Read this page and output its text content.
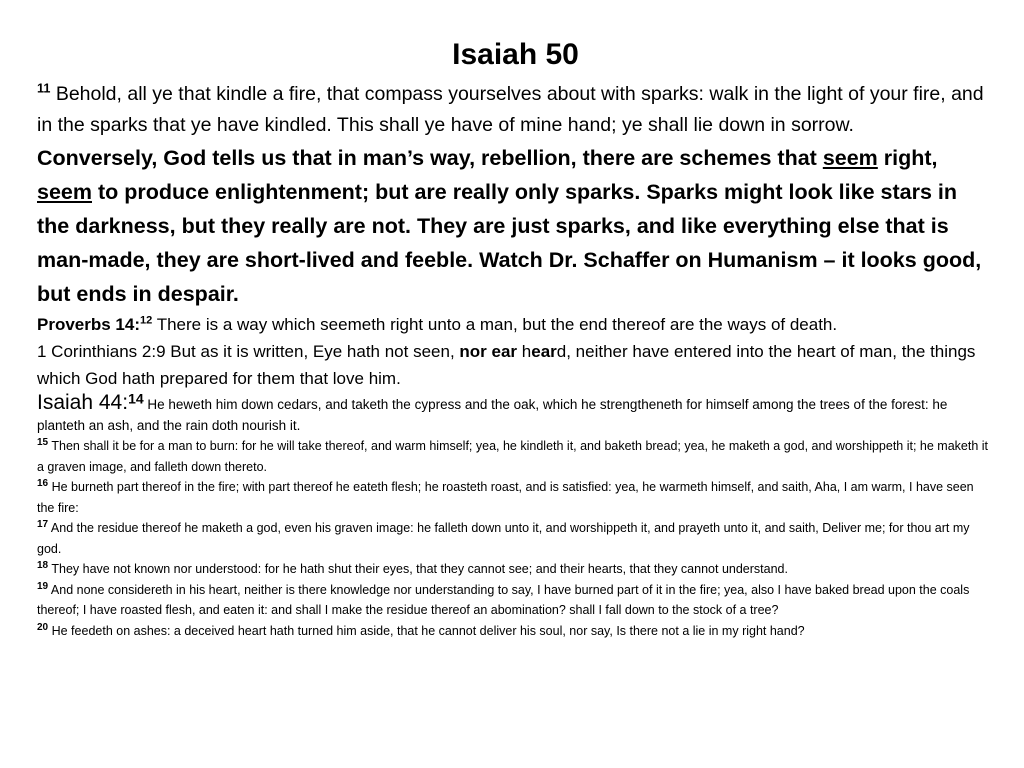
Isaiah 50

$^{11}$ Behold, all ye that kindle a fire, that compass yourselves about with sparks: walk in the light of your fire, and in the sparks that ye have kindled. This shall ye have of mine hand; ye shall lie down in sorrow.

Conversely, God tells us that in man’s way, rebellion, there are schemes that seem right, seem to produce enlightenment; but are really only sparks. Sparks might look like stars in the darkness, but they really are not. They are just sparks, and like everything else that is man-made, they are short-lived and feeble. Watch Dr. Schaffer on Humanism – it looks good, but ends in despair.

Proverbs 14:$^{12}$ There is a way which seemeth right unto a man, but the end thereof are the ways of death.

1 Corinthians 2:9 But as it is written, Eye hath not seen, nor ear heard, neither have entered into the heart of man, the things which God hath prepared for them that love him.

Isaiah 44:14 He heweth him down cedars, and taketh the cypress and the oak, which he strengtheneth for himself among the trees of the forest: he planteth an ash, and the rain doth nourish it.

$^{15}$ Then shall it be for a man to burn: for he will take thereof, and warm himself; yea, he kindleth it, and baketh bread; yea, he maketh a god, and worshippeth it; he maketh it a graven image, and falleth down thereto.

$^{16}$ He burneth part thereof in the fire; with part thereof he eateth flesh; he roasteth roast, and is satisfied: yea, he warmeth himself, and saith, Aha, I am warm, I have seen the fire:

$^{17}$ And the residue thereof he maketh a god, even his graven image: he falleth down unto it, and worshippeth it, and prayeth unto it, and saith, Deliver me; for thou art my god.

$^{18}$ They have not known nor understood: for he hath shut their eyes, that they cannot see; and their hearts, that they cannot understand.

$^{19}$ And none considereth in his heart, neither is there knowledge nor understanding to say, I have burned part of it in the fire; yea, also I have baked bread upon the coals thereof; I have roasted flesh, and eaten it: and shall I make the residue thereof an abomination? shall I fall down to the stock of a tree?

$^{20}$ He feedeth on ashes: a deceived heart hath turned him aside, that he cannot deliver his soul, nor say, Is there not a lie in my right hand?
